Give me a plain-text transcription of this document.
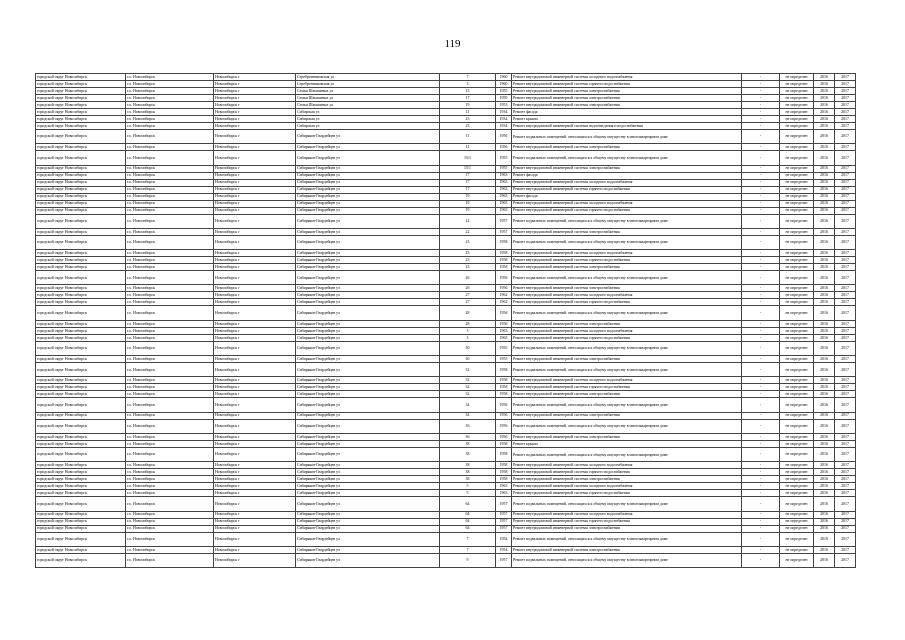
119
городской округ Новосибирск	г.о. Новосибирск	Новосибирск г	Серебренниковская ул	7	1960	Ремонт внутридомовой инженерной системы холодного водоснабжения	-	не определен	2016	2017
городской округ Новосибирск	г.о. Новосибирск	Новосибирск г	Серебренниковская ул	3	1960	Ремонт внутридомовой инженерной системы горячего водоснабжения	-	не определен	2016	2017
городской округ Новосибирск	г.о. Новосибирск	Новосибирск г	Семьи Шамшиных ул	13	1955	Ремонт внутридомовой инженерной системы электроснабжения	-	не определен	2016	2017
городской округ Новосибирск	г.о. Новосибирск	Новосибирск г	Семьи Шамшиных ул	17	1959	Ремонт внутридомовой инженерной системы электроснабжения	-	не определен	2016	2017
городской округ Новосибирск	г.о. Новосибирск	Новосибирск г	Семьи Шамшиных ул	19	1953	Ремонт внутридомовой инженерной системы электроснабжения	-	не определен	2016	2017
городской округ Новосибирск	г.о. Новосибирск	Новосибирск г	Сибирская ул	11	1934	Ремонт фасада	-	не определен	2016	2017
городской округ Новосибирск	г.о. Новосибирск	Новосибирск г	Сибирская ул	23	1934	Ремонт крыши	-	не определен	2016	2017
городской округ Новосибирск	г.о. Новосибирск	Новосибирск г	Сибирская ул	23	1934	Ремонт внутридомовой инженерной системы водоотведения и водоснабжения	-	не определен	2016	2017
городской округ Новосибирск	г.о. Новосибирск	Новосибирск г	Сибиряков-Гвардейцев ул	11	1956	Ремонт подвальных помещений, относящихся к общему имуществу в многоквартирном доме	-	не определен	2016	2017
городской округ Новосибирск	г.о. Новосибирск	Новосибирск г	Сибиряков-Гвардейцев ул	11	1956	Ремонт внутридомовой инженерной системы электроснабжения	-	не определен	2016	2017
городской округ Новосибирск	г.о. Новосибирск	Новосибирск г	Сибиряков-Гвардейцев ул	15/1	1955	Ремонт подвальных помещений, относящихся к общему имуществу в многоквартирном доме	-	не определен	2016	2017
городской округ Новосибирск	г.о. Новосибирск	Новосибирск г	Сибиряков-Гвардейцев ул	15/1	1955	Ремонт внутридомовой инженерной системы электроснабжения	-	не определен	2016	2017
городской округ Новосибирск	г.о. Новосибирск	Новосибирск г	Сибиряков-Гвардейцев ул	17	1963	Ремонт фасада	-	не определен	2016	2017
городской округ Новосибирск	г.о. Новосибирск	Новосибирск г	Сибиряков-Гвардейцев ул	17	1963	Ремонт внутридомовой инженерной системы холодного водоснабжения	-	не определен	2016	2017
городской округ Новосибирск	г.о. Новосибирск	Новосибирск г	Сибиряков-Гвардейцев ул	17	1963	Ремонт внутридомовой инженерной системы горячего водоснабжения	-	не определен	2016	2017
городской округ Новосибирск	г.о. Новосибирск	Новосибирск г	Сибиряков-Гвардейцев ул	19	1963	Ремонт фасада	-	не определен	2016	2017
городской округ Новосибирск	г.о. Новосибирск	Новосибирск г	Сибиряков-Гвардейцев ул	19	1963	Ремонт внутридомовой инженерной системы холодного водоснабжения	-	не определен	2016	2017
городской округ Новосибирск	г.о. Новосибирск	Новосибирск г	Сибиряков-Гвардейцев ул	19	1963	Ремонт внутридомовой инженерной системы горячего водоснабжения	-	не определен	2016	2017
городской округ Новосибирск	г.о. Новосибирск	Новосибирск г	Сибиряков-Гвардейцев ул	22	1957	Ремонт подвальных помещений, относящихся к общему имуществу в многоквартирном доме	-	не определен	2016	2017
городской округ Новосибирск	г.о. Новосибирск	Новосибирск г	Сибиряков-Гвардейцев ул	22	1957	Ремонт внутридомовой инженерной системы электроснабжения	-	не определен	2016	2017
городской округ Новосибирск	г.о. Новосибирск	Новосибирск г	Сибиряков-Гвардейцев ул	23	1958	Ремонт подвальных помещений, относящихся к общему имуществу в многоквартирном доме	-	не определен	2016	2017
городской округ Новосибирск	г.о. Новосибирск	Новосибирск г	Сибиряков-Гвардейцев ул	23	1958	Ремонт внутридомовой инженерной системы холодного водоснабжения	-	не определен	2016	2017
городской округ Новосибирск	г.о. Новосибирск	Новосибирск г	Сибиряков-Гвардейцев ул	23	1958	Ремонт внутридомовой инженерной системы горячего водоснабжения	-	не определен	2016	2017
городской округ Новосибирск	г.о. Новосибирск	Новосибирск г	Сибиряков-Гвардейцев ул	23	1958	Ремонт внутридомовой инженерной системы электроснабжения	-	не определен	2016	2017
городской округ Новосибирск	г.о. Новосибирск	Новосибирск г	Сибиряков-Гвардейцев ул	26	1956	Ремонт подвальных помещений, относящихся к общему имуществу в многоквартирном доме	-	не определен	2016	2017
городской округ Новосибирск	г.о. Новосибирск	Новосибирск г	Сибиряков-Гвардейцев ул	26	1956	Ремонт внутридомовой инженерной системы электроснабжения	-	не определен	2016	2017
городской округ Новосибирск	г.о. Новосибирск	Новосибирск г	Сибиряков-Гвардейцев ул	27	1962	Ремонт внутридомовой инженерной системы холодного водоснабжения	-	не определен	2016	2017
городской округ Новосибирск	г.о. Новосибирск	Новосибирск г	Сибиряков-Гвардейцев ул	27	1962	Ремонт внутридомовой инженерной системы горячего водоснабжения	-	не определен	2016	2017
городской округ Новосибирск	г.о. Новосибирск	Новосибирск г	Сибиряков-Гвардейцев ул	28	1956	Ремонт подвальных помещений, относящихся к общему имуществу в многоквартирном доме	-	не определен	2016	2017
городской округ Новосибирск	г.о. Новосибирск	Новосибирск г	Сибиряков-Гвардейцев ул	28	1956	Ремонт внутридомовой инженерной системы электроснабжения	-	не определен	2016	2017
городской округ Новосибирск	г.о. Новосибирск	Новосибирск г	Сибиряков-Гвардейцев ул	3	1963	Ремонт внутридомовой инженерной системы холодного водоснабжения	-	не определен	2016	2017
городской округ Новосибирск	г.о. Новосибирск	Новосибирск г	Сибиряков-Гвардейцев ул	3	1963	Ремонт внутридомовой инженерной системы горячего водоснабжения	-	не определен	2016	2017
городской округ Новосибирск	г.о. Новосибирск	Новосибирск г	Сибиряков-Гвардейцев ул	30	1955	Ремонт подвальных помещений, относящихся к общему имуществу в многоквартирном доме	-	не определен	2016	2017
городской округ Новосибирск	г.о. Новосибирск	Новосибирск г	Сибиряков-Гвардейцев ул	30	1955	Ремонт внутридомовой инженерной системы электроснабжения	-	не определен	2016	2017
городской округ Новосибирск	г.о. Новосибирск	Новосибирск г	Сибиряков-Гвардейцев ул	32	1958	Ремонт подвальных помещений, относящихся к общему имуществу в многоквартирном доме	-	не определен	2016	2017
городской округ Новосибирск	г.о. Новосибирск	Новосибирск г	Сибиряков-Гвардейцев ул	32	1958	Ремонт внутридомовой инженерной системы холодного водоснабжения	-	не определен	2016	2017
городской округ Новосибирск	г.о. Новосибирск	Новосибирск г	Сибиряков-Гвардейцев ул	32	1958	Ремонт внутридомовой инженерной системы горячего водоснабжения	-	не определен	2016	2017
городской округ Новосибирск	г.о. Новосибирск	Новосибирск г	Сибиряков-Гвардейцев ул	32	1958	Ремонт внутридомовой инженерной системы электроснабжения	-	не определен	2016	2017
городской округ Новосибирск	г.о. Новосибирск	Новосибирск г	Сибиряков-Гвардейцев ул	34	1956	Ремонт подвальных помещений, относящихся к общему имуществу в многоквартирном доме	-	не определен	2016	2017
городской округ Новосибирск	г.о. Новосибирск	Новосибирск г	Сибиряков-Гвардейцев ул	34	1956	Ремонт внутридомовой инженерной системы электроснабжения	-	не определен	2016	2017
городской округ Новосибирск	г.о. Новосибирск	Новосибирск г	Сибиряков-Гвардейцев ул	36	1956	Ремонт подвальных помещений, относящихся к общему имуществу в многоквартирном доме	-	не определен	2016	2017
городской округ Новосибирск	г.о. Новосибирск	Новосибирск г	Сибиряков-Гвардейцев ул	36	1956	Ремонт внутридомовой инженерной системы электроснабжения	-	не определен	2016	2017
городской округ Новосибирск	г.о. Новосибирск	Новосибирск г	Сибиряков-Гвардейцев ул	38	1958	Ремонт крыши	-	не определен	2016	2017
городской округ Новосибирск	г.о. Новосибирск	Новосибирск г	Сибиряков-Гвардейцев ул	38	1958	Ремонт подвальных помещений, относящихся к общему имуществу в многоквартирном доме	-	не определен	2016	2017
городской округ Новосибирск	г.о. Новосибирск	Новосибирск г	Сибиряков-Гвардейцев ул	38	1958	Ремонт внутридомовой инженерной системы холодного водоснабжения	-	не определен	2016	2017
городской округ Новосибирск	г.о. Новосибирск	Новосибирск г	Сибиряков-Гвардейцев ул	38	1958	Ремонт внутридомовой инженерной системы горячего водоснабжения	-	не определен	2016	2017
городской округ Новосибирск	г.о. Новосибирск	Новосибирск г	Сибиряков-Гвардейцев ул	38	1958	Ремонт внутридомовой инженерной системы электроснабжения	-	не определен	2016	2017
городской округ Новосибирск	г.о. Новосибирск	Новосибирск г	Сибиряков-Гвардейцев ул	5	1963	Ремонт внутридомовой инженерной системы холодного водоснабжения	-	не определен	2016	2017
городской округ Новосибирск	г.о. Новосибирск	Новосибирск г	Сибиряков-Гвардейцев ул	5	1963	Ремонт внутридомовой инженерной системы горячего водоснабжения	-	не определен	2016	2017
городской округ Новосибирск	г.о. Новосибирск	Новосибирск г	Сибиряков-Гвардейцев ул	64	1957	Ремонт подвальных помещений, относящихся к общему имуществу в многоквартирном доме	-	не определен	2016	2017
городской округ Новосибирск	г.о. Новосибирск	Новосибирск г	Сибиряков-Гвардейцев ул	64	1957	Ремонт внутридомовой инженерной системы холодного водоснабжения	-	не определен	2016	2017
городской округ Новосибирск	г.о. Новосибирск	Новосибирск г	Сибиряков-Гвардейцев ул	64	1957	Ремонт внутридомовой инженерной системы горячего водоснабжения	-	не определен	2016	2017
городской округ Новосибирск	г.о. Новосибирск	Новосибирск г	Сибиряков-Гвардейцев ул	64	1957	Ремонт внутридомовой инженерной системы электроснабжения	-	не определен	2016	2017
городской округ Новосибирск	г.о. Новосибирск	Новосибирск г	Сибиряков-Гвардейцев ул	7	1954	Ремонт подвальных помещений, относящихся к общему имуществу в многоквартирном доме	-	не определен	2016	2017
городской округ Новосибирск	г.о. Новосибирск	Новосибирск г	Сибиряков-Гвардейцев ул	7	1954	Ремонт внутридомовой инженерной системы электроснабжения	-	не определен	2016	2017
городской округ Новосибирск	г.о. Новосибирск	Новосибирск г	Сибиряков-Гвардейцев ул	9	1957	Ремонт подвальных помещений, относящихся к общему имуществу в многоквартирном доме	-	не определен	2016	2017
